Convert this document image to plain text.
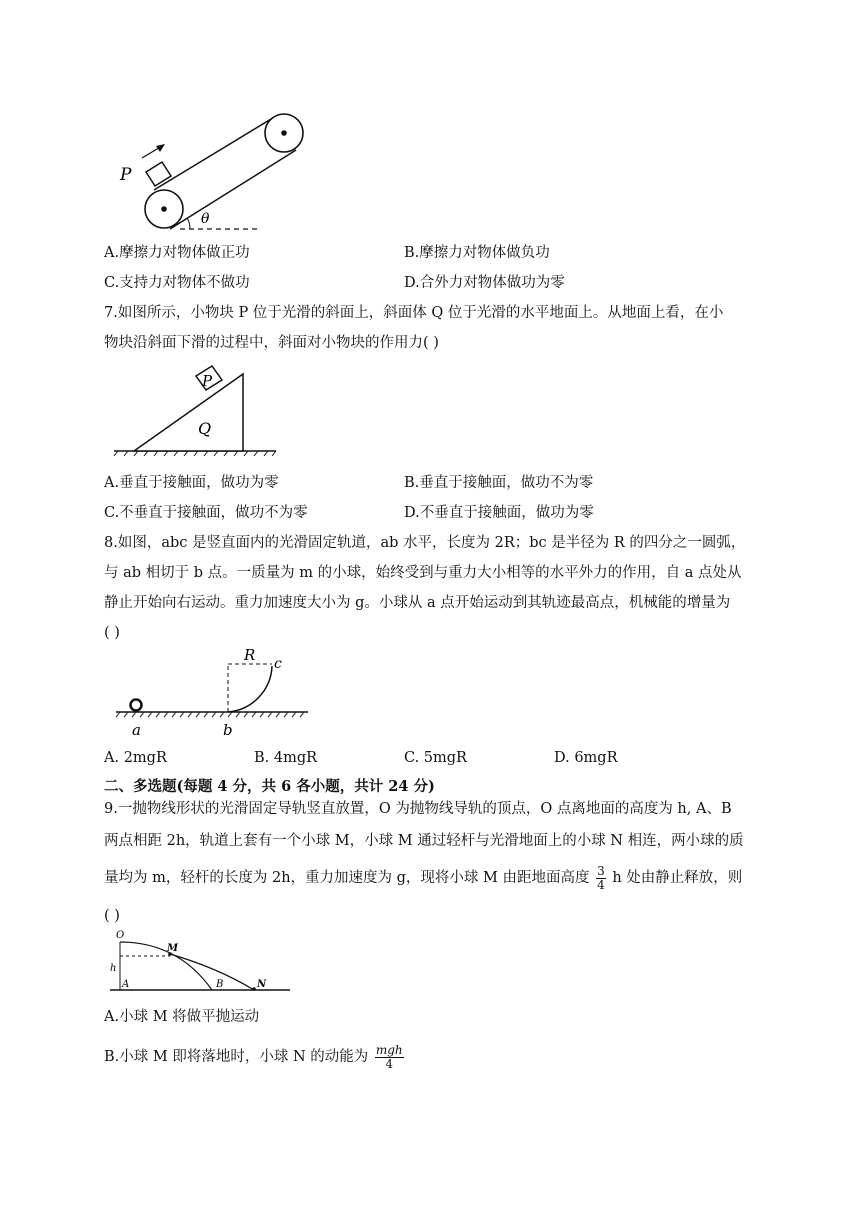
P
θ
A.摩擦力对物体做正功	B.摩擦力对物体做负功
C.支持力对物体不做功	D.合外力对物体做功为零
7.如图所示，小物块 P 位于光滑的斜面上，斜面体 Q 位于光滑的水平地面上。从地面上看，在小
物块沿斜面下滑的过程中，斜面对小物块的作用力( )
P
Q
A.垂直于接触面，做功为零	B.垂直于接触面，做功不为零
C.不垂直于接触面，做功不为零	D.不垂直于接触面，做功为零
8.如图，abc 是竖直面内的光滑固定轨道，ab 水平，长度为 2R；bc 是半径为 R 的四分之一圆弧，
与 ab 相切于 b 点。一质量为 m 的小球，始终受到与重力大小相等的水平外力的作用，自 a 点处从
静止开始向右运动。重力加速度大小为 g。小球从 a 点开始运动到其轨迹最高点，机械能的增量为
( )
R c
a	b
A. 2mgR	B. 4mgR	C. 5mgR	D. 6mgR
二、多选题(每题 4 分，共 6 各小题，共计 24 分)
9.一抛物线形状的光滑固定导轨竖直放置，O 为抛物线导轨的顶点，O 点离地面的高度为 h, A、B
两点相距 2h，轨道上套有一个小球 M，小球 M 通过轻杆与光滑地面上的小球 N 相连，两小球的质
量均为 m，轻杆的长度为 2h，重力加速度为 g，现将小球 M 由距地面高度 $\frac{3}{4}$ h 处由静止释放，则
( )
O
M
h
A	B	N
A.小球 M 将做平抛运动
B.小球 M 即将落地时，小球 N 的动能为 $\frac{\text{mgh}}{4}$
